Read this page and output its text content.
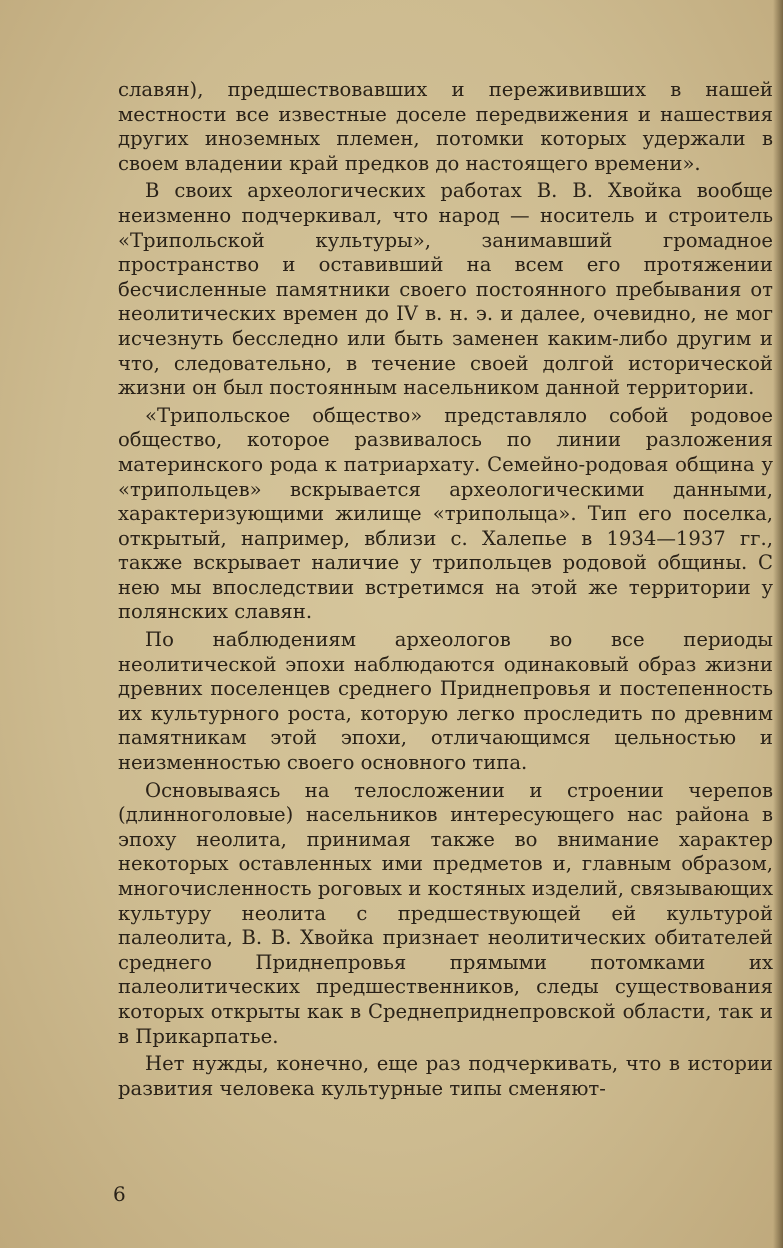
славян), предшествовавших и пережививших в нашей местности все известные доселе передвижения и нашествия других иноземных племен, потомки которых удержали в своем владении край предков до настоящего времени».

В своих археологических работах В. В. Хвойка вообще неизменно подчеркивал, что народ — носитель и строитель «Трипольской культуры», занимавший громадное пространство и оставивший на всем его протяжении бесчисленные памятники своего постоянного пребывания от неолитических времен до IV в. н. э. и далее, очевидно, не мог исчезнуть бесследно или быть заменен каким-либо другим и что, следовательно, в течение своей долгой исторической жизни он был постоянным насельником данной территории.

«Трипольское общество» представляло собой родовое общество, которое развивалось по линии разложения материнского рода к патриархату. Семейно-родовая община у «трипольцев» вскрывается археологическими данными, характеризующими жилище «триполыца». Тип его поселка, открытый, например, вблизи с. Халепье в 1934—1937 гг., также вскрывает наличие у трипольцев родовой общины. С нею мы впоследствии встретимся на этой же территории у полянских славян.

По наблюдениям археологов во все периоды неолитической эпохи наблюдаются одинаковый образ жизни древних поселенцев среднего Приднепровья и постепенность их культурного роста, которую легко проследить по древним памятникам этой эпохи, отличающимся цельностью и неизменностью своего основного типа.

Основываясь на телосложении и строении черепов (длинноголовые) насельников интересующего нас района в эпоху неолита, принимая также во внимание характер некоторых оставленных ими предметов и, главным образом, многочисленность роговых и костяных изделий, связывающих культуру неолита с предшествующей ей культурой палеолита, В. В. Хвойка признает неолитических обитателей среднего Приднепровья прямыми потомками их палеолитических предшественников, следы существования которых открыты как в Среднеприднепровской области, так и в Прикарпатье.

Нет нужды, конечно, еще раз подчеркивать, что в истории развития человека культурные типы сменяют-

6
